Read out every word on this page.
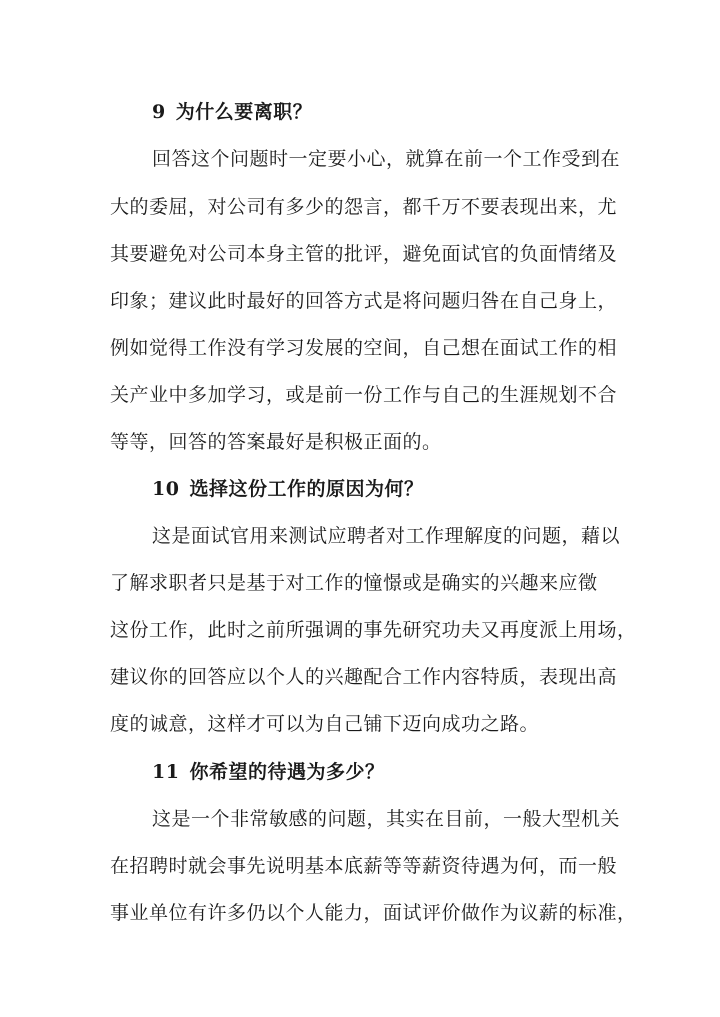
9 为什么要离职？
回答这个问题时一定要小心，就算在前一个工作受到在
大的委屈，对公司有多少的怨言，都千万不要表现出来，尤
其要避免对公司本身主管的批评，避免面试官的负面情绪及
印象；建议此时最好的回答方式是将问题归咎在自己身上，
例如觉得工作没有学习发展的空间，自己想在面试工作的相
关产业中多加学习，或是前一份工作与自己的生涯规划不合
等等，回答的答案最好是积极正面的。
10 选择这份工作的原因为何？
这是面试官用来测试应聘者对工作理解度的问题，藉以
了解求职者只是基于对工作的憧憬或是确实的兴趣来应徵
这份工作，此时之前所强调的事先研究功夫又再度派上用场，
建议你的回答应以个人的兴趣配合工作内容特质，表现出高
度的诚意，这样才可以为自己铺下迈向成功之路。
11 你希望的待遇为多少？
这是一个非常敏感的问题，其实在目前，一般大型机关
在招聘时就会事先说明基本底薪等等薪资待遇为何，而一般
事业单位有许多仍以个人能力，面试评价做作为议薪的标准，
